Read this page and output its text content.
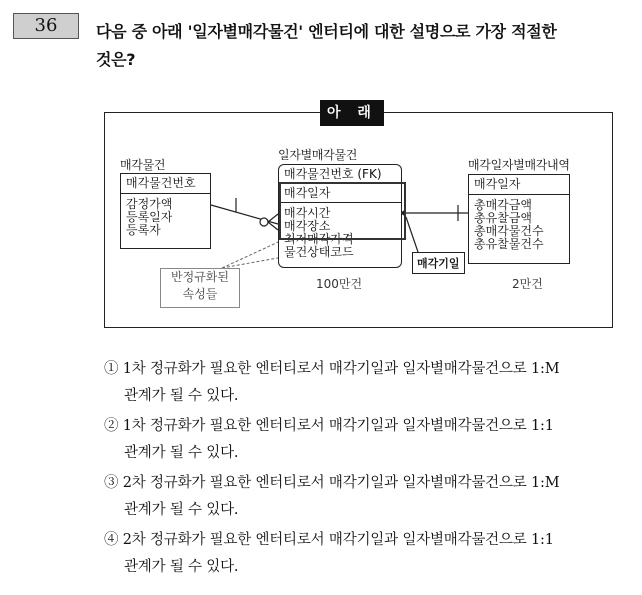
36	다음 중 아래 '일자별매각물건' 엔터티에 대한 설명으로 가장 적절한
것은?
아 래
매각물건
매각물건번호
감정가액
등록일자
등록자
일자별매각물건
매각물건번호 (FK)
매각일자
매각시간
매각장소
최저매각가격
물건상태코드
100만건
매각일자별매각내역
매각일자
총매각금액
총유찰금액
총매각물건수
총유찰물건수
2만건
반정규화된
속성들
매각기일
① 1차 정규화가 필요한 엔터티로서 매각기일과 일자별매각물건으로 1:M
관계가 될 수 있다.
② 1차 정규화가 필요한 엔터티로서 매각기일과 일자별매각물건으로 1:1
관계가 될 수 있다.
③ 2차 정규화가 필요한 엔터티로서 매각기일과 일자별매각물건으로 1:M
관계가 될 수 있다.
④ 2차 정규화가 필요한 엔터티로서 매각기일과 일자별매각물건으로 1:1
관계가 될 수 있다.
